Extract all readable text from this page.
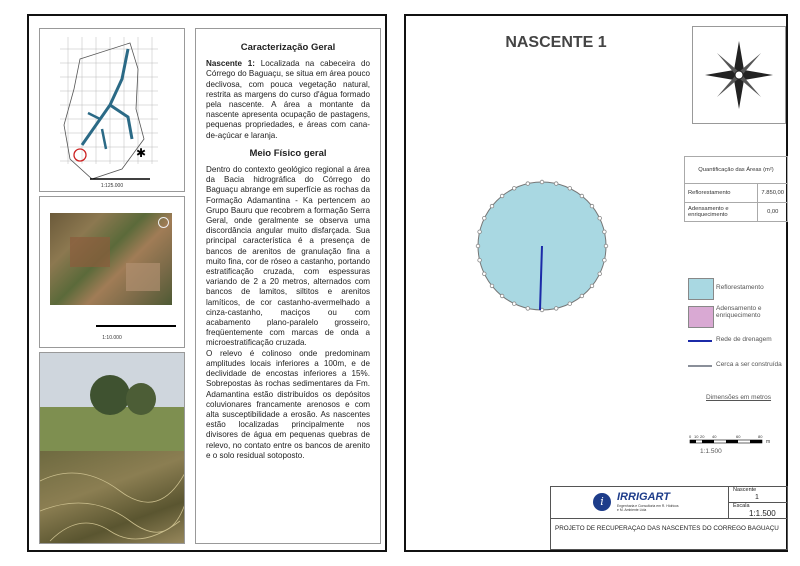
✱
1:125.000
1:10.000
Caracterização Geral

Nascente 1: Localizada na cabeceira do Córrego do Baguaçu, se situa em área pouco declivosa, com pouca vegetação natural, restrita as margens do curso d'água formado pela nascente. A área a montante da nascente apresenta ocupação de pastagens, pequenas propriedades, e áreas com cana-de-açúcar e laranja.

Meio Físico geral

Dentro do contexto geológico regional a área da Bacia hidrográfica do Córrego do Baguaçu abrange em superfície as rochas da Formação Adamantina - Ka pertencem ao Grupo Bauru que recobrem a formação Serra Geral, onde geralmente se observa uma discordância angular muito disfarçada. Sua principal característica é a presença de bancos de arenitos de granulação fina a muito fina, cor de róseo a castanho, portando estratificação cruzada, com espessuras variando de 2 a 20 metros, alternados com bancos de lamitos, siltitos e arenitos lamíticos, de cor castanho-avermelhado a cinza-castanho, maciços ou com acabamento plano-paralelo grosseiro, freqüentemente com marcas de onda a microestratificação cruzada.

O relevo é colinoso onde predominam amplitudes locais inferiores a 100m, e de declividade de encostas inferiores a 15%. Sobrepostas às rochas sedimentares da Fm. Adamantina estão distribuídos os depósitos coluvionares francamente arenosos e com alta susceptibilidade a erosão. As nascentes estão localizadas principalmente nos divisores de água em pequenas quebras de relevo, no contato entre os bancos de arenito e o solo residual sotoposto.

NASCENTE 1
Quantificação das Áreas (m²)	
Reflorestamento	7.850,00
Adensamento e enriquecimento	0,00
Reflorestamento
Adensamento e enriquecimento
Rede de drenagem
Cerca a ser construída
Dimensões em metros
0 10 20 40	60	80
m
1:1.500
i	IRRIGART
Engenharia e Consultoria em R. Hídricos e M. Ambiente Ltda
Nascente
1
Escala
1:1.500
PROJETO DE RECUPERAÇÃO DAS NASCENTES DO CÓRREGO BAGUAÇU
